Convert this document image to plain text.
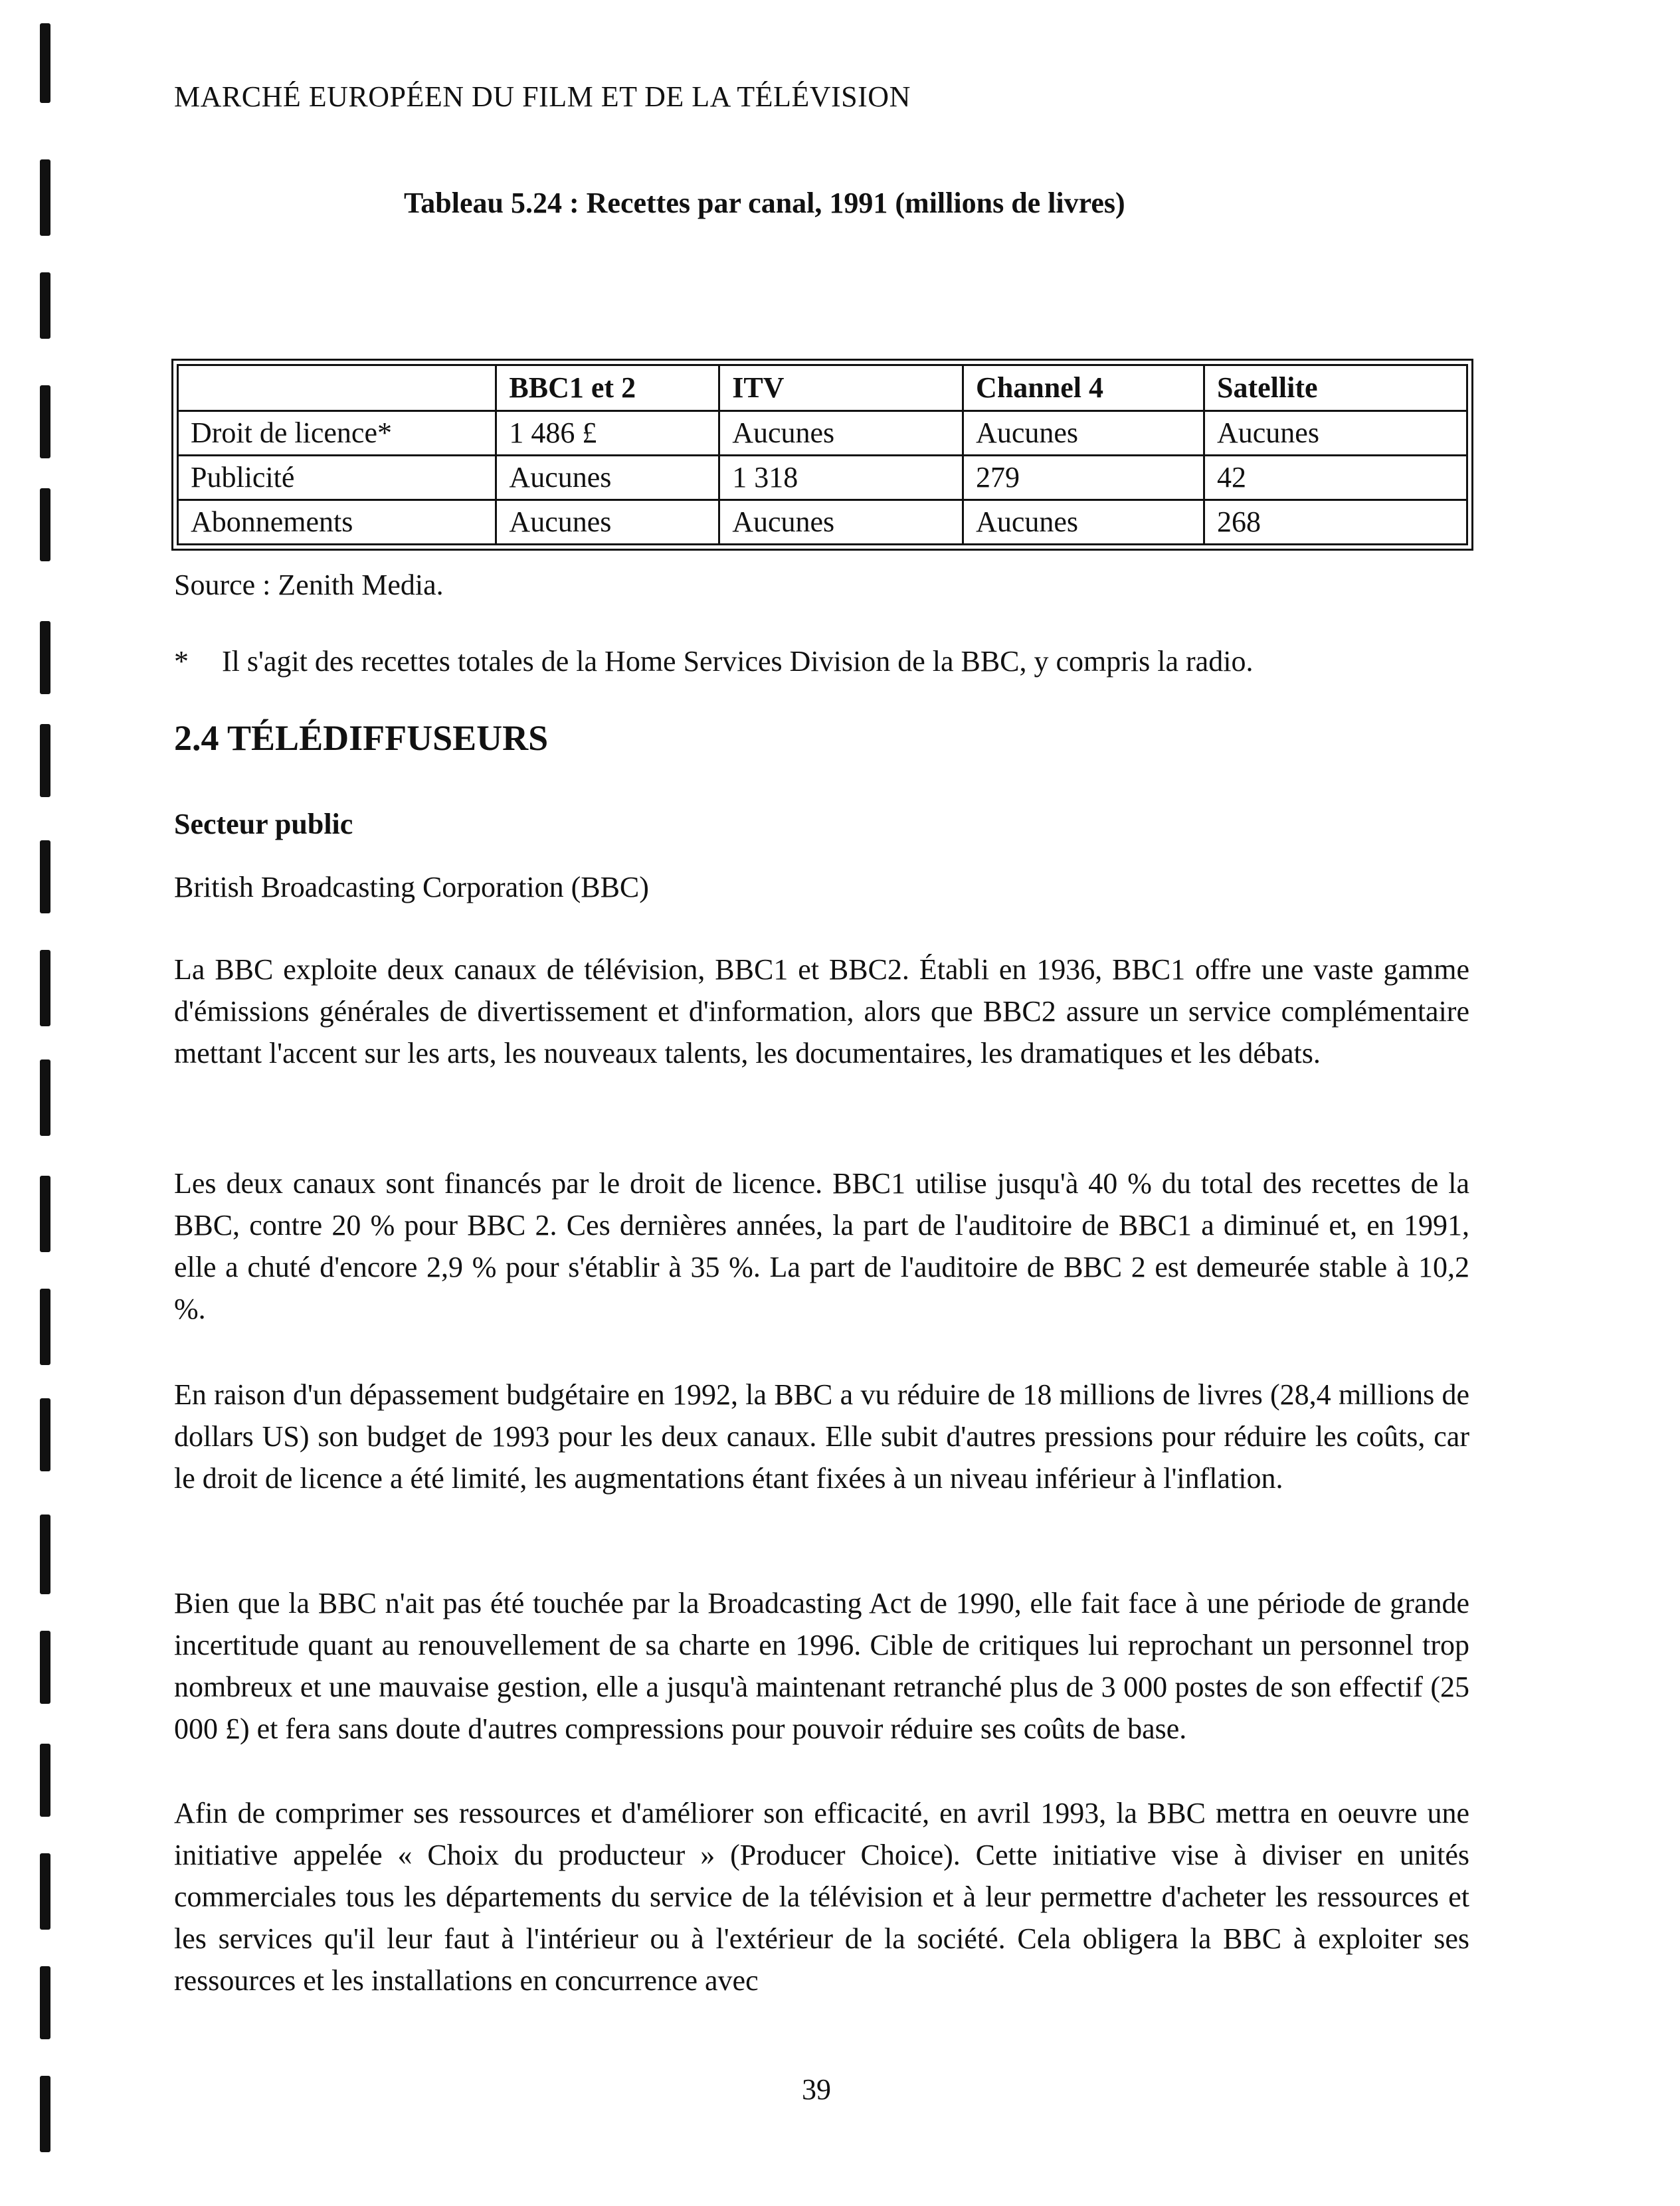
MARCHÉ EUROPÉEN DU FILM ET DE LA TÉLÉVISION
Tableau 5.24 : Recettes par canal, 1991 (millions de livres)
	BBC1 et 2	ITV	Channel 4	Satellite
Droit de licence*	1 486 £	Aucunes	Aucunes	Aucunes
Publicité	Aucunes	1 318	279	42
Abonnements	Aucunes	Aucunes	Aucunes	268
Source : Zenith Media.
* Il s'agit des recettes totales de la Home Services Division de la BBC, y compris la radio.
2.4 TÉLÉDIFFUSEURS
Secteur public
British Broadcasting Corporation (BBC)

La BBC exploite deux canaux de télévision, BBC1 et BBC2. Établi en 1936, BBC1 offre une vaste gamme d'émissions générales de divertissement et d'information, alors que BBC2 assure un service complémentaire mettant l'accent sur les arts, les nouveaux talents, les documentaires, les dramatiques et les débats.

Les deux canaux sont financés par le droit de licence. BBC1 utilise jusqu'à 40 % du total des recettes de la BBC, contre 20 % pour BBC 2. Ces dernières années, la part de l'auditoire de BBC1 a diminué et, en 1991, elle a chuté d'encore 2,9 % pour s'établir à 35 %. La part de l'auditoire de BBC 2 est demeurée stable à 10,2 %.

En raison d'un dépassement budgétaire en 1992, la BBC a vu réduire de 18 millions de livres (28,4 millions de dollars US) son budget de 1993 pour les deux canaux. Elle subit d'autres pressions pour réduire les coûts, car le droit de licence a été limité, les augmentations étant fixées à un niveau inférieur à l'inflation.

Bien que la BBC n'ait pas été touchée par la Broadcasting Act de 1990, elle fait face à une période de grande incertitude quant au renouvellement de sa charte en 1996. Cible de critiques lui reprochant un personnel trop nombreux et une mauvaise gestion, elle a jusqu'à maintenant retranché plus de 3 000 postes de son effectif (25 000 £) et fera sans doute d'autres compressions pour pouvoir réduire ses coûts de base.

Afin de comprimer ses ressources et d'améliorer son efficacité, en avril 1993, la BBC mettra en oeuvre une initiative appelée « Choix du producteur » (Producer Choice). Cette initiative vise à diviser en unités commerciales tous les départements du service de la télévision et à leur permettre d'acheter les ressources et les services qu'il leur faut à l'intérieur ou à l'extérieur de la société. Cela obligera la BBC à exploiter ses ressources et les installations en concurrence avec

39
